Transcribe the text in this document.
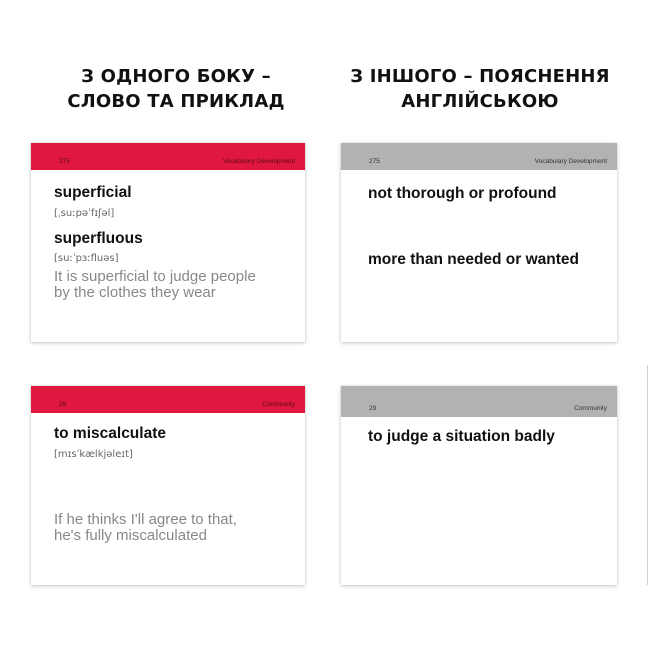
З ОДНОГО БОКУ –
СЛОВО ТА ПРИКЛАД
З ІНШОГО – ПОЯСНЕННЯ
АНГЛІЙСЬКОЮ
275	Vocabulary Development
superficial
[ˌsuːpəˈfɪʃəl]
superfluous
[suːˈpɜːfluəs]
It is superficial to judge people
by the clothes they wear
275	Vocabulary Development
not thorough or profound
more than needed or wanted
29	Community
to miscalculate
[mɪsˈkælkjəleɪt]
If he thinks I'll agree to that,
he's fully miscalculated
29	Community
to judge a situation badly
